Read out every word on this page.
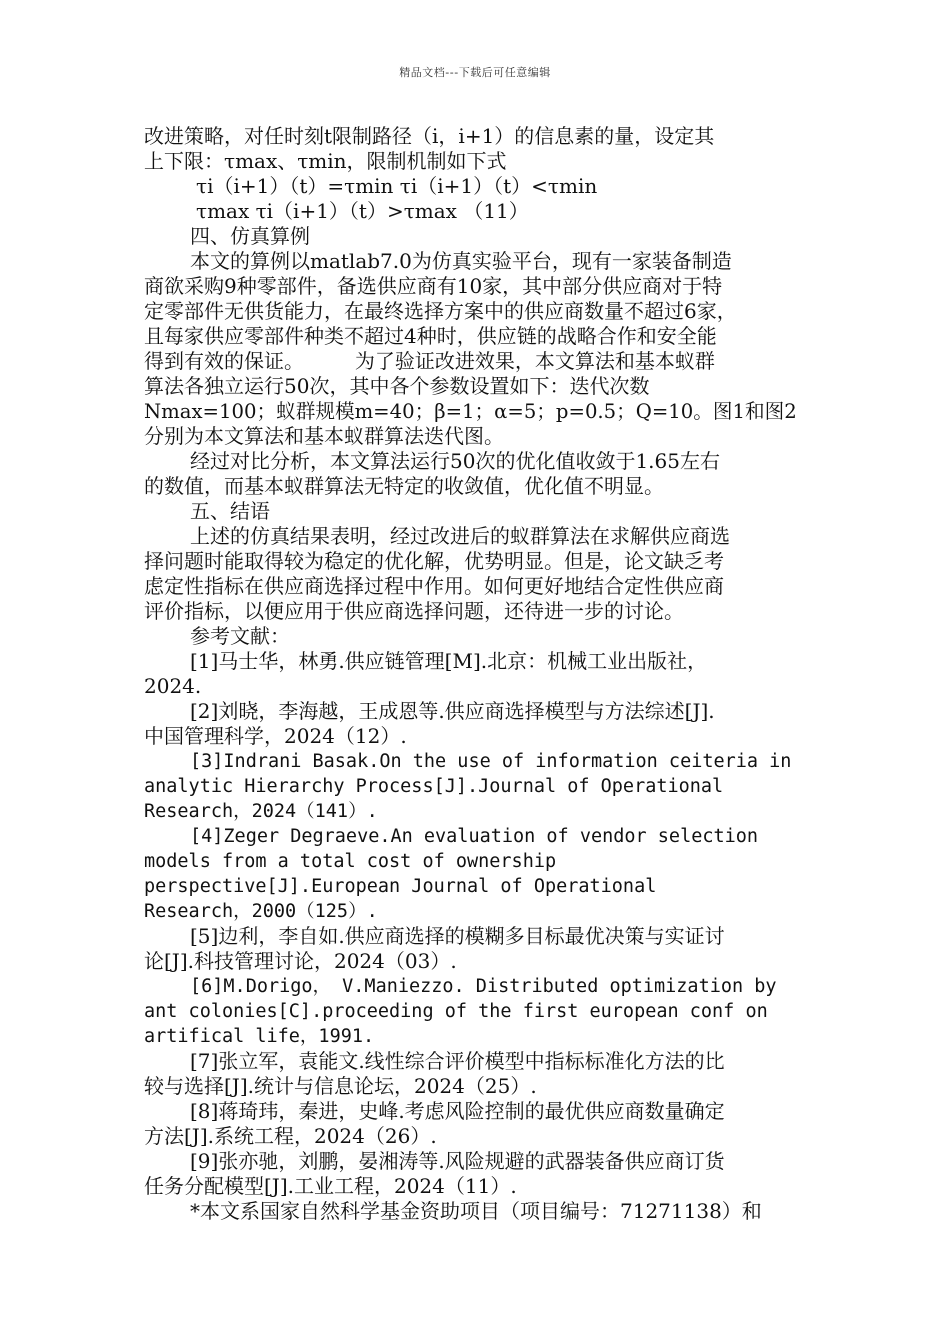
精品文档---下载后可任意编辑
改进策略，对任时刻t限制路径（i，i+1）的信息素的量，设定其
上下限：τmax、τmin，限制机制如下式
τi（i+1）（t）=τmin τi（i+1）（t）<τmin
τmax τi（i+1）（t）>τmax （11）
四、仿真算例
本文的算例以matlab7.0为仿真实验平台，现有一家装备制造
商欲采购9种零部件，备选供应商有10家，其中部分供应商对于特
定零部件无供货能力，在最终选择方案中的供应商数量不超过6家，
且每家供应零部件种类不超过4种时，供应链的战略合作和安全能
得到有效的保证。        为了验证改进效果，本文算法和基本蚁群
算法各独立运行50次，其中各个参数设置如下：迭代次数
Nmax=100；蚁群规模m=40；β=1；α=5；p=0.5；Q=10。图1和图2
分别为本文算法和基本蚁群算法迭代图。
经过对比分析，本文算法运行50次的优化值收敛于1.65左右
的数值，而基本蚁群算法无特定的收敛值，优化值不明显。
五、结语
上述的仿真结果表明，经过改进后的蚁群算法在求解供应商选
择问题时能取得较为稳定的优化解，优势明显。但是，论文缺乏考
虑定性指标在供应商选择过程中作用。如何更好地结合定性供应商
评价指标，以便应用于供应商选择问题，还待进一步的讨论。
参考文献：
[1]马士华，林勇.供应链管理[M].北京：机械工业出版社，
2024.
[2]刘晓，李海越，王成恩等.供应商选择模型与方法综述[J].
中国管理科学，2024（12）.
[3]Indrani Basak.On the use of information ceiteria in
analytic Hierarchy Process[J].Journal of Operational
Research，2024（141）.
[4]Zeger Degraeve.An evaluation of vendor selection
models from a total cost of ownership
perspective[J].European Journal of Operational
Research，2000（125）.
[5]边利，李自如.供应商选择的模糊多目标最优决策与实证讨
论[J].科技管理讨论，2024（03）.
[6]M.Dorigo， V.Maniezzo. Distributed optimization by
ant colonies[C].proceeding of the first european conf on
artifical life，1991.
[7]张立军，袁能文.线性综合评价模型中指标标准化方法的比
较与选择[J].统计与信息论坛，2024（25）.
[8]蒋琦玮，秦进，史峰.考虑风险控制的最优供应商数量确定
方法[J].系统工程，2024（26）.
[9]张亦驰，刘鹏，晏湘涛等.风险规避的武器装备供应商订货
任务分配模型[J].工业工程，2024（11）.
*本文系国家自然科学基金资助项目（项目编号：71271138）和
